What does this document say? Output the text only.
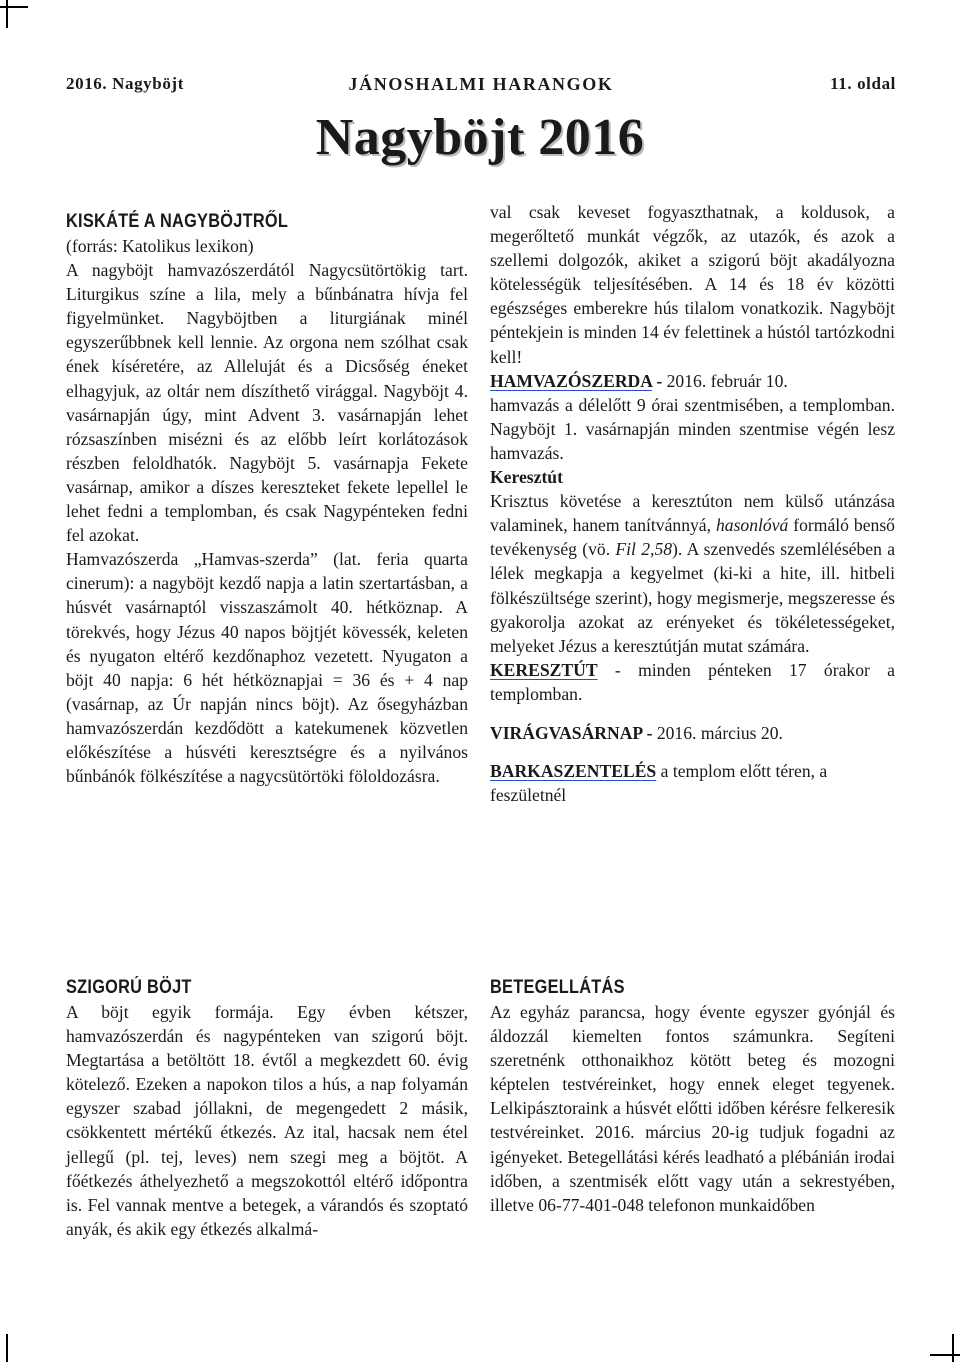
2016. Nagyböjt	JÁNOSHALMI HARANGOK	11. oldal
Nagyböjt 2016
KISKÁTÉ A NAGYBÖJTRŐL

(forrás: Katolikus lexikon)

A nagyböjt hamvazószerdától Nagycsütörtökig tart. Liturgikus színe a lila, mely a bűnbánatra hívja fel figyelmünket. Nagyböjtben a liturgiának minél egyszerűbbnek kell lennie. Az orgona nem szólhat csak ének kíséretére, az Alleluját és a Dicsőség éneket elhagyjuk, az oltár nem díszíthető virággal. Nagyböjt 4. vasárnapján úgy, mint Advent 3. vasárnapján lehet rózsaszínben misézni és az előbb leírt korlátozások részben feloldhatók. Nagyböjt 5. vasárnapja Fekete vasárnap, amikor a díszes kereszteket fekete lepellel le lehet fedni a templomban, és csak Nagypénteken fedni fel azokat.

Hamvazószerda „Hamvas-szerda” (lat. feria quarta cinerum): a nagyböjt kezdő napja a latin szertartásban, a húsvét vasárnaptól visszaszámolt 40. hétköznap. A törekvés, hogy Jézus 40 napos böjtjét kövessék, keleten és nyugaton eltérő kezdőnaphoz vezetett. Nyugaton a böjt 40 napja: 6 hét hétköznapjai = 36 és + 4 nap (vasárnap, az Úr napján nincs böjt). Az ősegyházban hamvazószerdán kezdődött a katekumenek közvetlen előkészítése a húsvéti keresztségre és a nyilvános bűnbánók fölkészítése a nagycsütörtöki föloldozásra.

val csak keveset fogyaszthatnak, a koldusok, a megerőltető munkát végzők, az utazók, és azok a szellemi dolgozók, akiket a szigorú böjt akadályozna kötelességük teljesítésében. A 14 és 18 év közötti egészséges emberekre hús tilalom vonatkozik. Nagyböjt péntekjein is minden 14 év felettinek a hústól tartózkodni kell!

HAMVAZÓSZERDA - 2016. február 10.

hamvazás a délelőtt 9 órai szentmisében, a templomban. Nagyböjt 1. vasárnapján minden szentmise végén lesz hamvazás.

Keresztút

Krisztus követése a keresztúton nem külső utánzása valaminek, hanem tanítvánnyá, hasonlóvá formáló benső tevékenység (vö. Fil 2,58). A szenvedés szemlélésében a lélek megkapja a kegyelmet (ki-ki a hite, ill. hitbeli fölkészültsége szerint), hogy megismerje, megszeresse és gyakorolja azokat az erényeket és tökéletességeket, melyeket Jézus a keresztútján mutat számára.

KERESZTÚT - minden pénteken 17 órakor a templomban.

VIRÁGVASÁRNAP - 2016. március 20.

BARKASZENTELÉS a templom előtt téren, a feszületnél

SZIGORÚ BÖJT

A böjt egyik formája. Egy évben kétszer, hamvazószerdán és nagypénteken van szigorú böjt. Megtartása a betöltött 18. évtől a megkezdett 60. évig kötelező. Ezeken a napokon tilos a hús, a nap folyamán egyszer szabad jóllakni, de megengedett 2 másik, csökkentett mértékű étkezés. Az ital, hacsak nem étel jellegű (pl. tej, leves) nem szegi meg a böjtöt. A főétkezés áthelyezhető a megszokottól eltérő időpontra is. Fel vannak mentve a betegek, a várandós és szoptató anyák, és akik egy étkezés alkalmá-

BETEGELLÁTÁS

Az egyház parancsa, hogy évente egyszer gyónjál és áldozzál kiemelten fontos számunkra. Segíteni szeretnénk otthonaikhoz kötött beteg és mozogni képtelen testvéreinket, hogy ennek eleget tegyenek. Lelkipásztoraink a húsvét előtti időben kérésre felkeresik testvéreinket. 2016. március 20-ig tudjuk fogadni az igényeket. Betegellátási kérés leadható a plébánián irodai időben, a szentmisék előtt vagy után a sekrestyében, illetve 06-77-401-048 telefonon munkaidőben
